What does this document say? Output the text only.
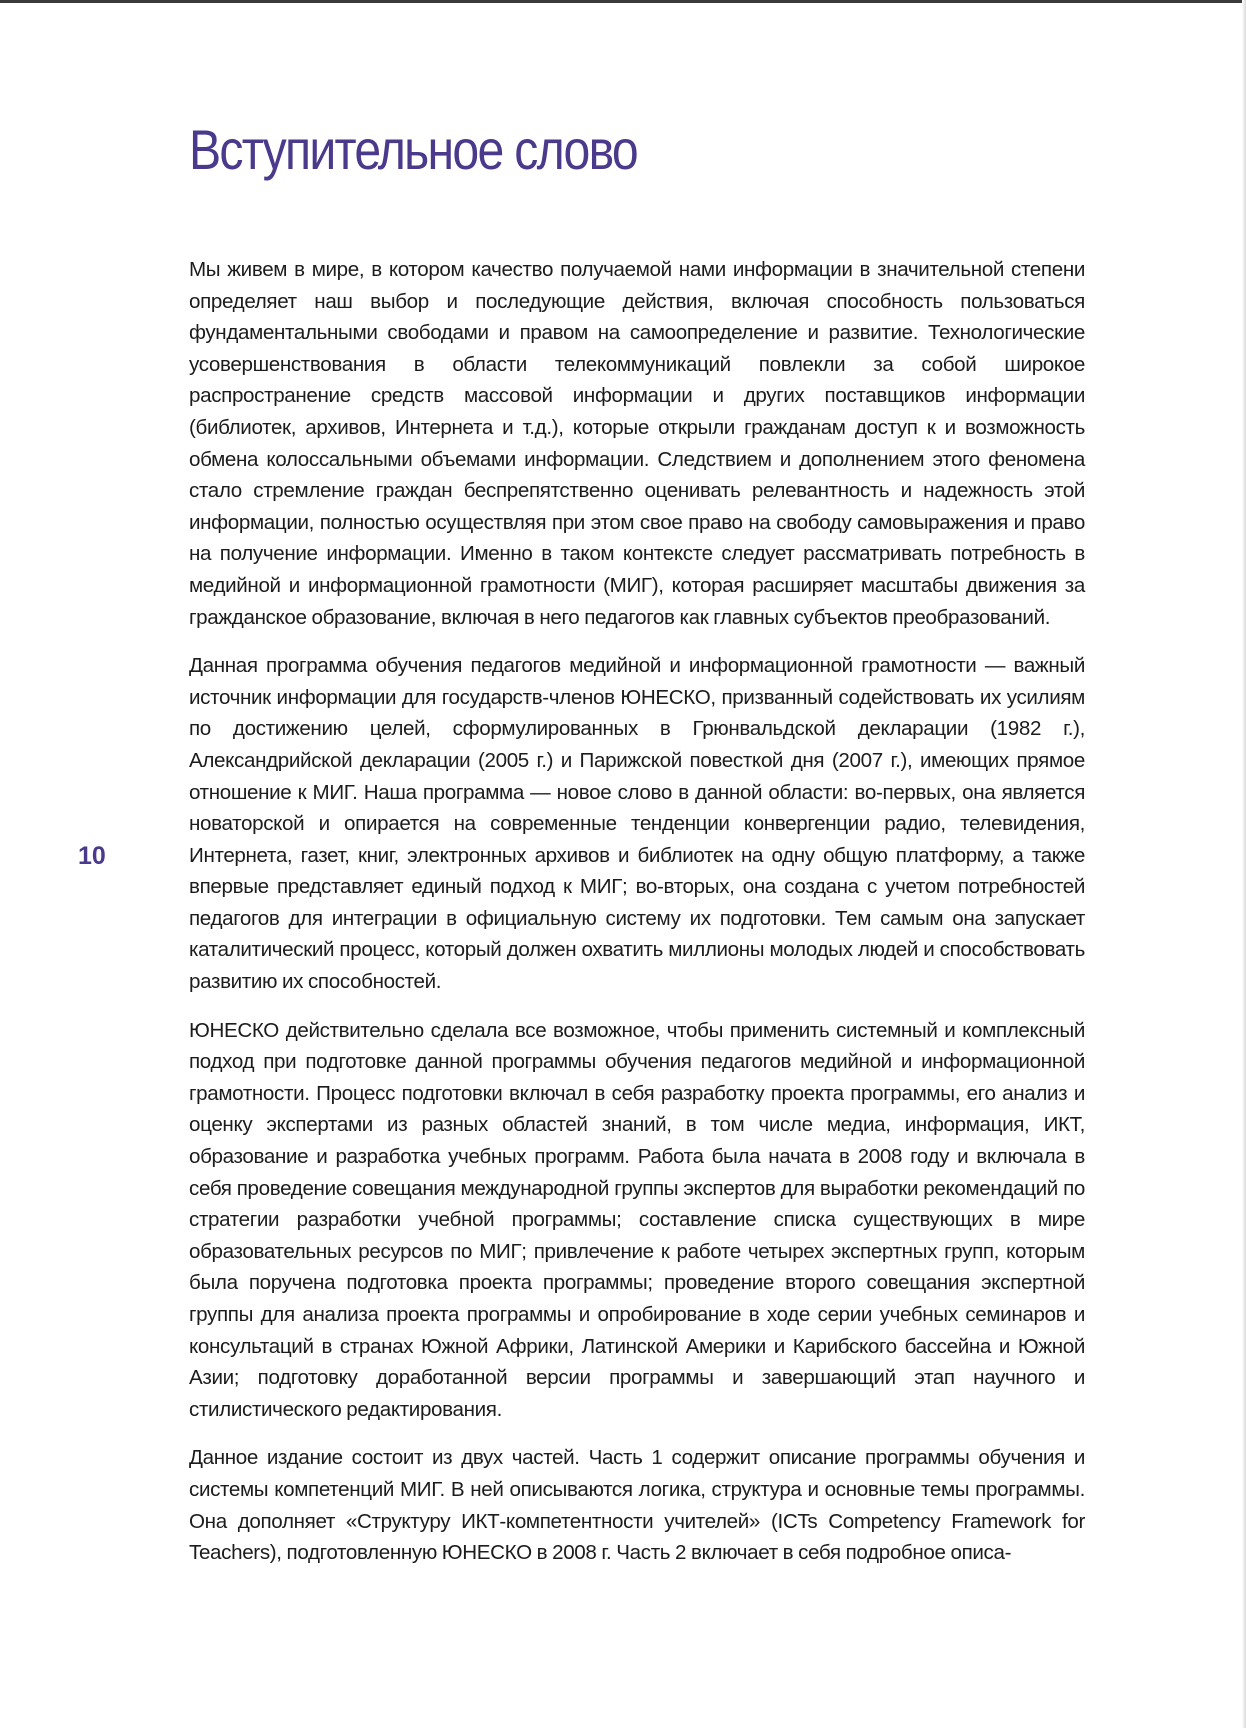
Вступительное слово
10

Мы живем в мире, в котором качество получаемой нами информации в значительной степени определяет наш выбор и последующие действия, включая способность пользоваться фундаментальными свободами и правом на самоопределение и развитие. Технологические усовершенствования в области телекоммуникаций повлекли за собой широкое распространение средств массовой информации и других поставщиков информации (библиотек, архивов, Интернета и т.д.), которые открыли гражданам доступ к и возможность обмена колоссальными объемами информации. Следствием и дополнением этого феномена стало стремление граждан беспрепятственно оценивать релевантность и надежность этой информации, полностью осуществляя при этом свое право на свободу самовыражения и право на получение информации. Именно в таком контексте следует рассматривать потребность в медийной и информационной грамотности (МИГ), которая расширяет масштабы движения за гражданское образование, включая в него педагогов как главных субъектов преобразований.

Данная программа обучения педагогов медийной и информационной грамотности — важный источник информации для государств-членов ЮНЕСКО, призванный содействовать их усилиям по достижению целей, сформулированных в Грюнвальдской декларации (1982 г.), Александрийской декларации (2005 г.) и Парижской повесткой дня (2007 г.), имеющих прямое отношение к МИГ. Наша программа — новое слово в данной области: во-первых, она является новаторской и опирается на современные тенденции конвергенции радио, телевидения, Интернета, газет, книг, электронных архивов и библиотек на одну общую платформу, а также впервые представляет единый подход к МИГ; во-вторых, она создана с учетом потребностей педагогов для интеграции в официальную систему их подготовки. Тем самым она запускает каталитический процесс, который должен охватить миллионы молодых людей и способствовать развитию их способностей.

ЮНЕСКО действительно сделала все возможное, чтобы применить системный и комплексный подход при подготовке данной программы обучения педагогов медийной и информационной грамотности. Процесс подготовки включал в себя разработку проекта программы, его анализ и оценку экспертами из разных областей знаний, в том числе медиа, информация, ИКТ, образование и разработка учебных программ. Работа была начата в 2008 году и включала в себя проведение совещания международной группы экспертов для выработки рекомендаций по стратегии разработки учебной программы; составление списка существующих в мире образовательных ресурсов по МИГ; привлечение к работе четырех экспертных групп, которым была поручена подготовка проекта программы; проведение второго совещания экспертной группы для анализа проекта программы и опробирование в ходе серии учебных семинаров и консультаций в странах Южной Африки, Латинской Америки и Карибского бассейна и Южной Азии; подготовку доработанной версии программы и завершающий этап научного и стилистического редактирования.

Данное издание состоит из двух частей. Часть 1 содержит описание программы обучения и системы компетенций МИГ. В ней описываются логика, структура и основные темы программы. Она дополняет «Структуру ИКТ-компетентности учителей» (ICTs Competency Framework for Teachers), подготовленную ЮНЕСКО в 2008 г. Часть 2 включает в себя подробное описа-
